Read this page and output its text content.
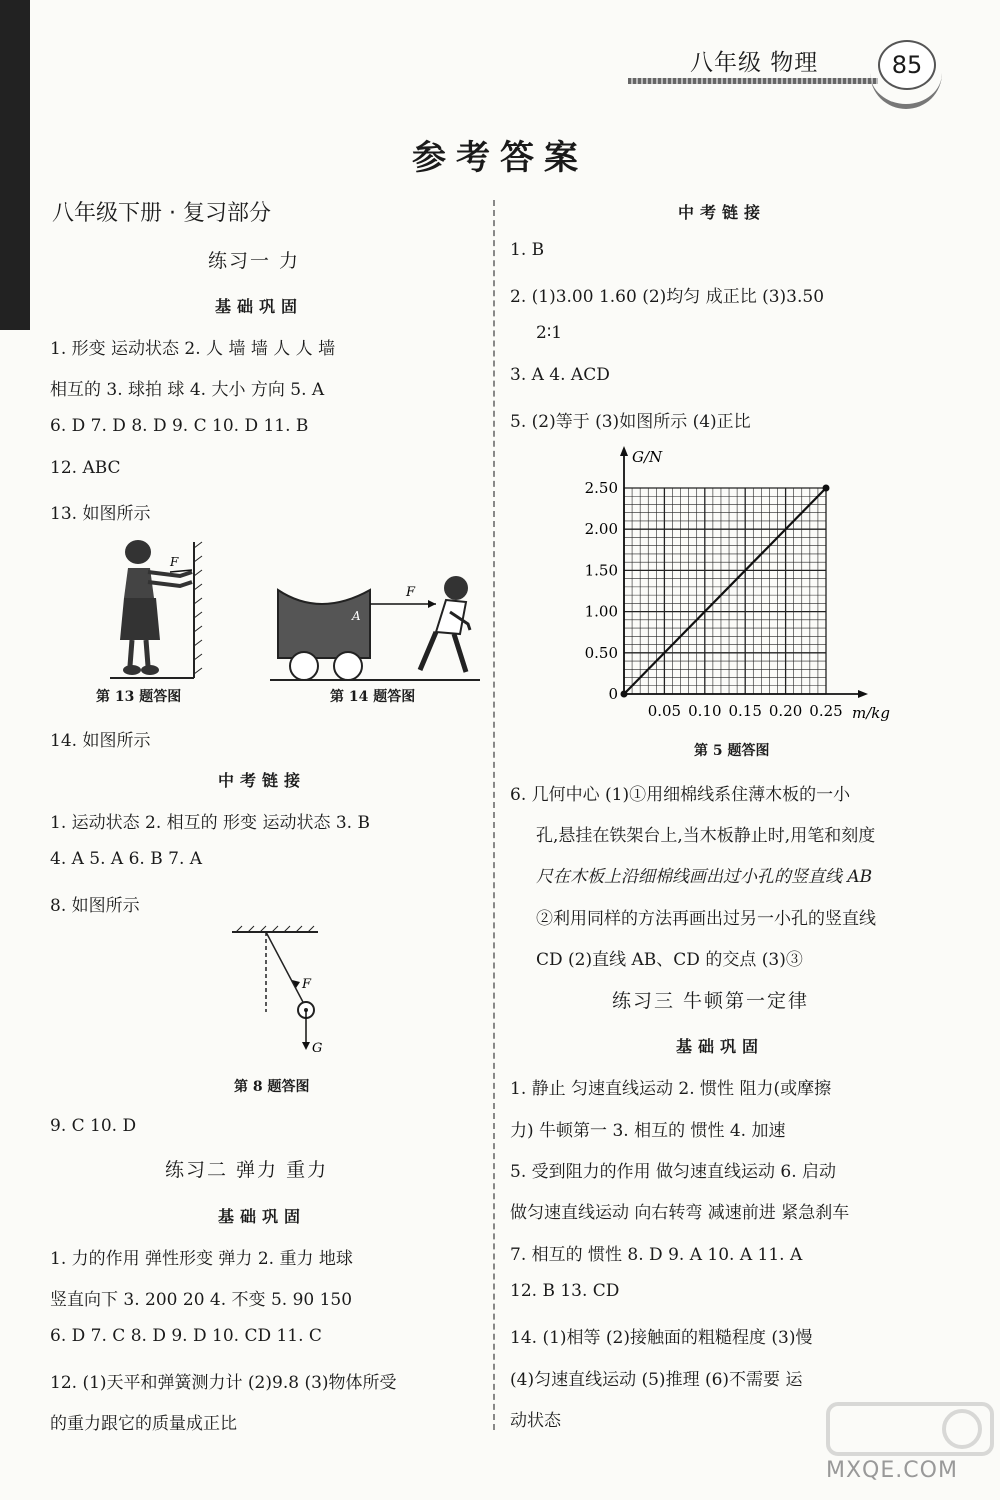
八年级 物理	85
参考答案
八年级下册 · 复习部分
练习一 力
基础巩固
1. 形变 运动状态 2. 人 墙 墙 人 人 墙
相互的 3. 球拍 球 4. 大小 方向 5. A
6. D 7. D 8. D 9. C 10. D 11. B
12. ABC
13. 如图所示
F
第 13 题答图
F
A
第 14 题答图
14. 如图所示
中考链接
1. 运动状态 2. 相互的 形变 运动状态 3. B
4. A 5. A 6. B 7. A
8. 如图所示
F
G
第 8 题答图
9. C 10. D
练习二 弹力 重力
基础巩固
1. 力的作用 弹性形变 弹力 2. 重力 地球
竖直向下 3. 200 20 4. 不变 5. 90 150
6. D 7. C 8. D 9. D 10. CD 11. C
12. (1)天平和弹簧测力计 (2)9.8 (3)物体所受
的重力跟它的质量成正比
中考链接
1. B
2. (1)3.00 1.60 (2)均匀 成正比 (3)3.50
2∶1
3. A 4. ACD
5. (2)等于 (3)如图所示 (4)正比
0
0.50
1.00
1.50
2.00
2.50
0.05 0.10 0.15 0.20 0.25
G/N
m/kg
第 5 题答图
6. 几何中心 (1)①用细棉线系住薄木板的一小
孔,悬挂在铁架台上,当木板静止时,用笔和刻度
尺在木板上沿细棉线画出过小孔的竖直线 AB
②利用同样的方法再画出过另一小孔的竖直线
CD (2)直线 AB、CD 的交点 (3)③
练习三 牛顿第一定律
基础巩固
1. 静止 匀速直线运动 2. 惯性 阻力(或摩擦
力) 牛顿第一 3. 相互的 惯性 4. 加速
5. 受到阻力的作用 做匀速直线运动 6. 启动
做匀速直线运动 向右转弯 减速前进 紧急刹车
7. 相互的 惯性 8. D 9. A 10. A 11. A
12. B 13. CD
14. (1)相等 (2)接触面的粗糙程度 (3)慢
(4)匀速直线运动 (5)推理 (6)不需要 运
动状态
MXQE.COM
